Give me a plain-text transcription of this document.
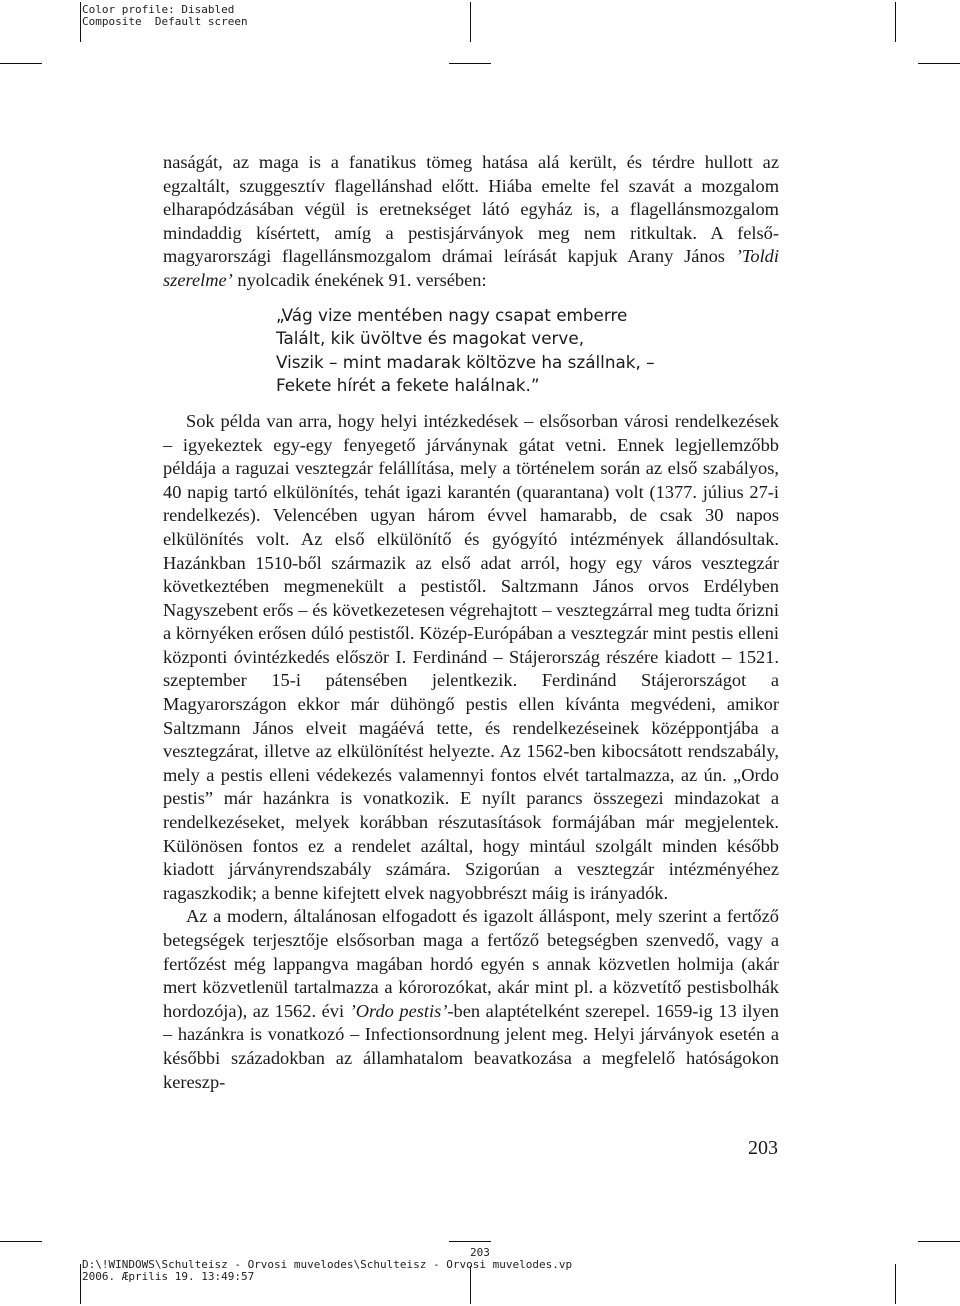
Color profile: Disabled
Composite  Default screen

naságát, az maga is a fanatikus tömeg hatása alá került, és térdre hullott az egzaltált, szuggesztív flagellánshad előtt. Hiába emelte fel szavát a mozgalom elharapódzásában végül is eretnekséget látó egyház is, a flagellánsmozgalom mindaddig kísértett, amíg a pestisjárványok meg nem ritkultak. A felső-magyarországi flagellánsmozgalom drámai leírását kapjuk Arany János ’Toldi szerelme’ nyolcadik énekének 91. versében:

„Vág vize mentében nagy csapat emberre
Talált, kik üvöltve és magokat verve,
Viszik – mint madarak költözve ha szállnak, –
Fekete hírét a fekete halálnak.”

Sok példa van arra, hogy helyi intézkedések – elsősorban városi rendelkezések – igyekeztek egy-egy fenyegető járványnak gátat vetni. Ennek legjellemzőbb példája a raguzai vesztegzár felállítása, mely a történelem során az első szabályos, 40 napig tartó elkülönítés, tehát igazi karantén (quarantana) volt (1377. július 27-i rendelkezés). Velencében ugyan három évvel hamarabb, de csak 30 napos elkülönítés volt. Az első elkülönítő és gyógyító intézmények állandósultak. Hazánkban 1510-ből származik az első adat arról, hogy egy város vesztegzár következtében megmenekült a pestistől. Saltzmann János orvos Erdélyben Nagyszebent erős – és következetesen végrehajtott – vesztegzárral meg tudta őrizni a környéken erősen dúló pestistől. Közép-Európában a vesztegzár mint pestis elleni központi óvintézkedés először I. Ferdinánd – Stájerország részére kiadott – 1521. szeptember 15-i pátensében jelentkezik. Ferdinánd Stájerországot a Magyarországon ekkor már dühöngő pestis ellen kívánta megvédeni, amikor Saltzmann János elveit magáévá tette, és rendelkezéseinek középpontjába a vesztegzárat, illetve az elkülönítést helyezte. Az 1562-ben kibocsátott rendszabály, mely a pestis elleni védekezés valamennyi fontos elvét tartalmazza, az ún. „Ordo pestis” már hazánkra is vonatkozik. E nyílt parancs összegezi mindazokat a rendelkezéseket, melyek korábban részutasítások formájában már megjelentek. Különösen fontos ez a rendelet azáltal, hogy mintául szolgált minden később kiadott járványrendszabály számára. Szigorúan a vesztegzár intézményéhez ragaszkodik; a benne kifejtett elvek nagyobbrészt máig is irányadók.

Az a modern, általánosan elfogadott és igazolt álláspont, mely szerint a fertőző betegségek terjesztője elsősorban maga a fertőző betegségben szenvedő, vagy a fertőzést még lappangva magában hordó egyén s annak közvetlen holmija (akár mert közvetlenül tartalmazza a kórorozókat, akár mint pl. a közvetítő pestisbolhák hordozója), az 1562. évi ’Ordo pestis’-ben alaptételként szerepel. 1659-ig 13 ilyen – hazánkra is vonatkozó – Infectionsordnung jelent meg. Helyi járványok esetén a későbbi századokban az államhatalom beavatkozása a megfelelő hatóságokon kereszp-

203
203
D:\!WINDOWS\Schulteisz - Orvosi muvelodes\Schulteisz - Orvosi muvelodes.vp
2006. Æprilis 19. 13:49:57
